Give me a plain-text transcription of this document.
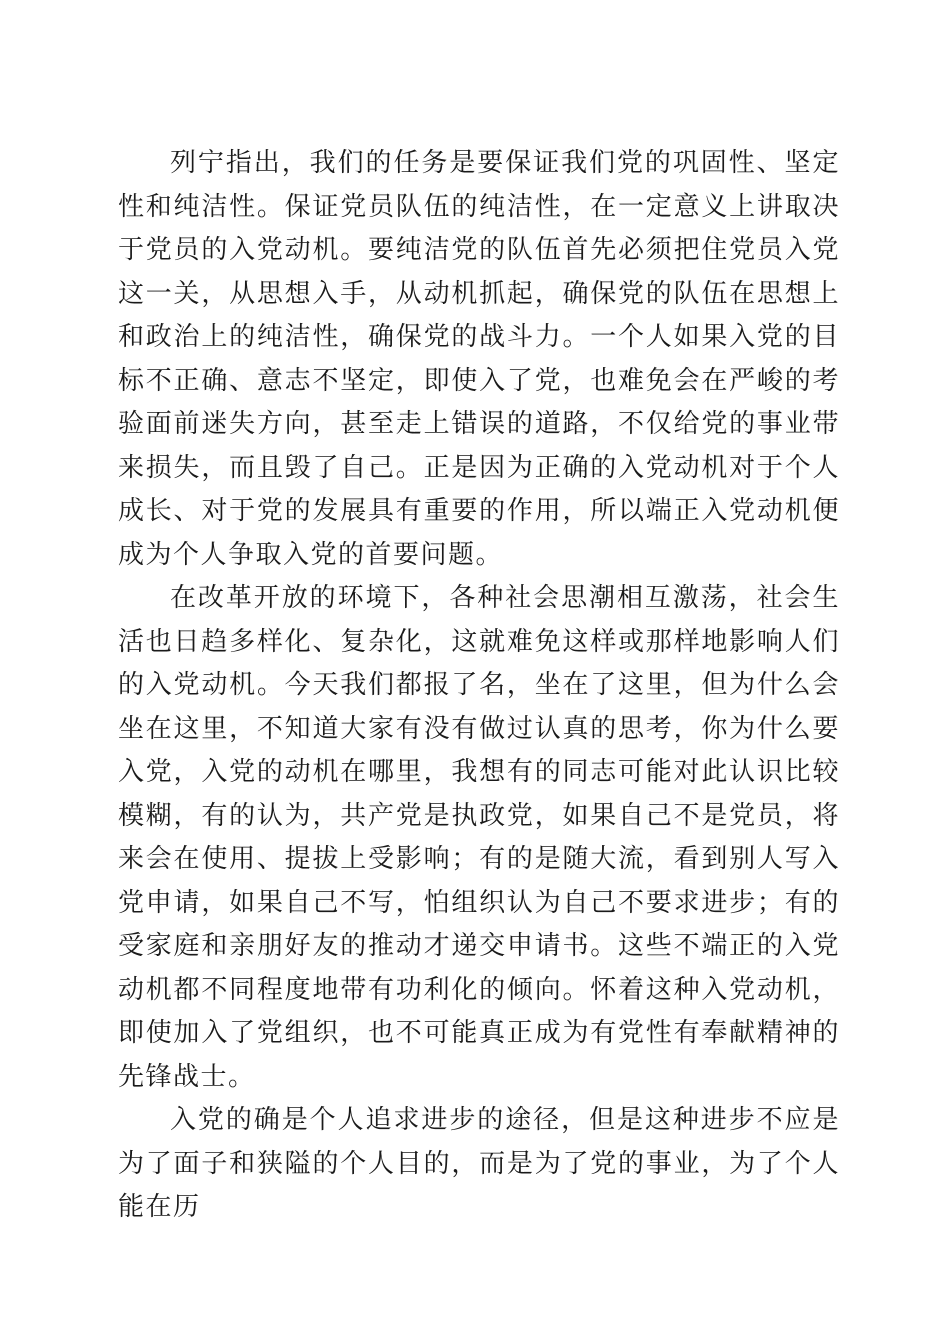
列宁指出，我们的任务是要保证我们党的巩固性、坚定性和纯洁性。保证党员队伍的纯洁性，在一定意义上讲取决于党员的入党动机。要纯洁党的队伍首先必须把住党员入党这一关，从思想入手，从动机抓起，确保党的队伍在思想上和政治上的纯洁性，确保党的战斗力。一个人如果入党的目标不正确、意志不坚定，即使入了党，也难免会在严峻的考验面前迷失方向，甚至走上错误的道路，不仅给党的事业带来损失，而且毁了自己。正是因为正确的入党动机对于个人成长、对于党的发展具有重要的作用，所以端正入党动机便成为个人争取入党的首要问题。

在改革开放的环境下，各种社会思潮相互激荡，社会生活也日趋多样化、复杂化，这就难免这样或那样地影响人们的入党动机。今天我们都报了名，坐在了这里，但为什么会坐在这里，不知道大家有没有做过认真的思考，你为什么要入党，入党的动机在哪里，我想有的同志可能对此认识比较模糊，有的认为，共产党是执政党，如果自己不是党员，将来会在使用、提拔上受影响；有的是随大流，看到别人写入党申请，如果自己不写，怕组织认为自己不要求进步；有的受家庭和亲朋好友的推动才递交申请书。这些不端正的入党动机都不同程度地带有功利化的倾向。怀着这种入党动机，即使加入了党组织，也不可能真正成为有党性有奉献精神的先锋战士。

入党的确是个人追求进步的途径，但是这种进步不应是为了面子和狭隘的个人目的，而是为了党的事业，为了个人能在历
